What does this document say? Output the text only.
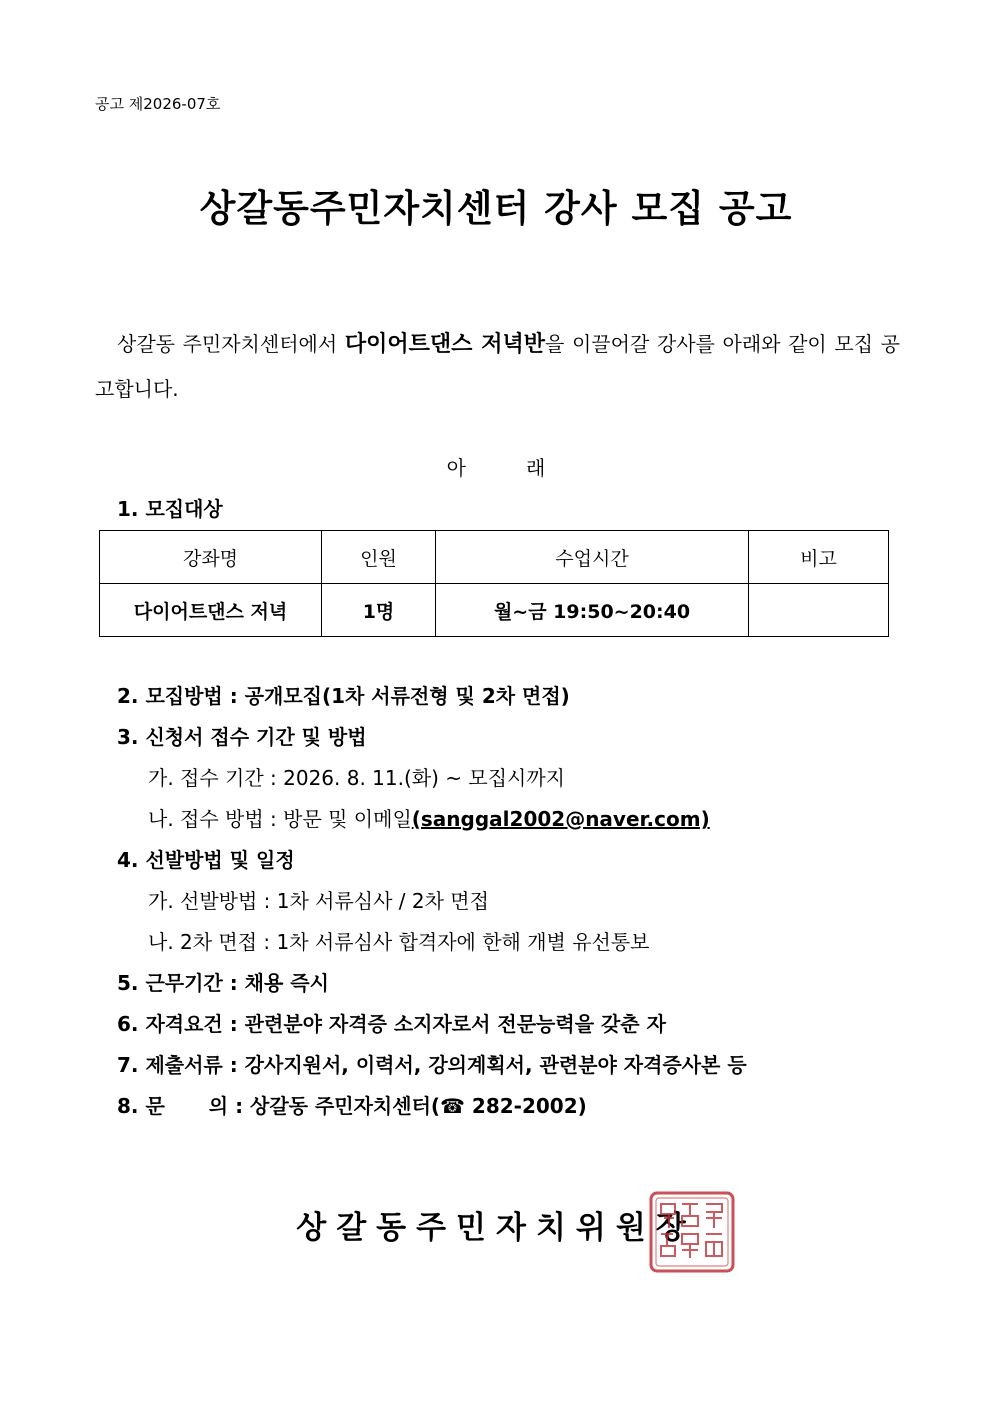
공고 제2026-07호
상갈동주민자치센터 강사 모집 공고
상갈동 주민자치센터에서 다이어트댄스 저녁반을 이끌어갈 강사를 아래와 같이 모집 공고합니다.
아	래
1. 모집대상
강좌명	인원	수업시간	비고
다이어트댄스 저녁	1명	월~금 19:50~20:40	
2. 모집방법 : 공개모집(1차 서류전형 및 2차 면접)
3. 신청서 접수 기간 및 방법
가. 접수 기간 : 2026. 8. 11.(화) ~ 모집시까지
나. 접수 방법 : 방문 및 이메일(sanggal2002@naver.com)
4. 선발방법 및 일정
가. 선발방법 : 1차 서류심사 / 2차 면접
나. 2차 면접 : 1차 서류심사 합격자에 한해 개별 유선통보
5. 근무기간 : 채용 즉시
6. 자격요건 : 관련분야 자격증 소지자로서 전문능력을 갖춘 자
7. 제출서류 : 강사지원서, 이력서, 강의계획서, 관련분야 자격증사본 등
8. 문 의 : 상갈동 주민자치센터(☎ 282-2002)
상갈동주민자치위원장
